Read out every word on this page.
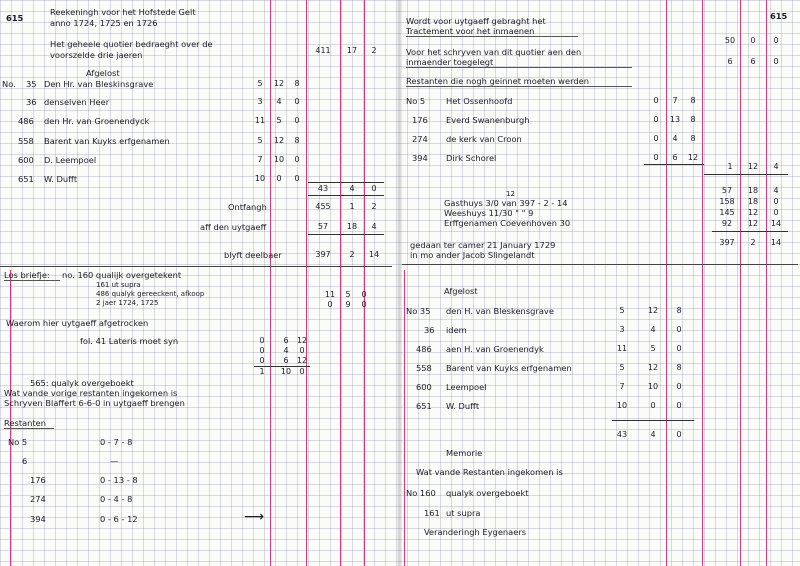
615
Reekeningh voor het Hofstede Gelt
anno 1724, 1725 en 1726
Het geheele quotier bedraeght over de
voorszelde drie jaeren	411	17	2
Afgelost
No. 35 Den Hr. van Bleskinsgrave	5	12	8
36 denselven Heer	3	4	0
486 den Hr. van Groenendyck	11	5	0
558 Barent van Kuyks erfgenamen	5	12	8
600 D. Leempoel	7	10	0
651 W. Dufft	10	0	0
43	4	0
Ontfangh	455	1	2
aff den uytgaeff	57	18	4
blyft deelbaer	397	2	14
Los briefje: no. 160 qualijk overgetekent
161 ut supra
486 qualyk gereeckent, afkoop
2 jaer 1724, 1725
11	5	0
0	9	0
Waerom hier uytgaeff afgetrocken
fol. 41 Lateris moet syn	0	6	12
0	4	0
0	6	12
1	10	0
565: qualyk overgeboekt
Wat vande vorige restanten ingekomen is
Schryven Blaffert 6-6-0 in uytgaeff brengen
Restanten
No 5	0 - 7 - 8
6	—
176	0 - 13 - 8
274	0 - 4 - 8
394	0 - 6 - 12	⟶
615
Wordt voor uytgaeff gebraght het
Tractement voor het inmaenen
50	0	0
Voor het schryven van dit quotier aen den
inmaender toegelegt	6	6	0
Restanten die nogh geinnet moeten werden
No 5	Het Ossenhoofd	0	7	8
176 Everd Swanenburgh	0	13	8
274 de kerk van Croon	0	4	8
394 Dirk Schorel	0	6	12
1	12	4
12
Gasthuys 3/0 van 397 - 2 - 14
Weeshuys 11/30 " " 9
Erffgenamen Coevenhoven 30
57	18	4
158	18	0
145	12	0
92	12	14
397	2	14
gedaan ter camer 21 January 1729
in mo ander Jacob Slingelandt
Afgelost
No 35 den H. van Bleskensgrave	5	12	8
36 idem	3	4	0
486 aen H. van Groenendyk	11	5	0
558 Barent van Kuyks erfgenamen	5	12	8
600 Leempoel	7	10	0
651 W. Dufft	10	0	0
43	4	0
Memorie
Wat vande Restanten ingekomen is
No 160 qualyk overgeboekt
161 ut supra
Veranderingh Eygenaers
